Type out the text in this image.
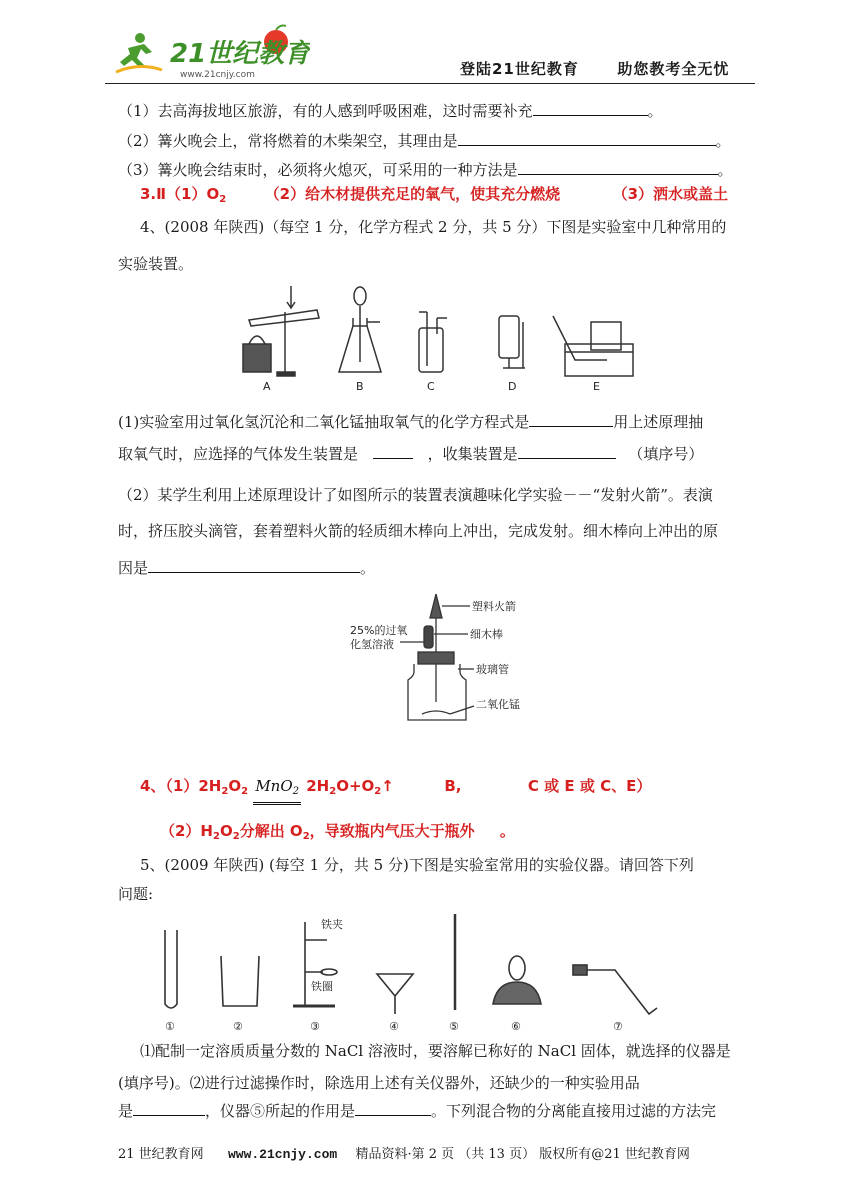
21世纪教育
www.21cnjy.com	登陆21世纪教育	助您教考全无忧
（1）去高海拔地区旅游，有的人感到呼吸困难，这时需要补充	。
（2）篝火晚会上，常将燃着的木柴架空，其理由是	。
（3）篝火晚会结束时，必须将火熄灭，可采用的一种方法是	。
$3.Ⅱ(1)O_2$	（2）给木材提供充足的氧气，使其充分燃烧	（3）洒水或盖土
4、(2008 年陕西)（每空 1 分，化学方程式 2 分，共 5 分）下图是实验室中几种常用的
实验装置。
A	B	C	D	E
(1)实验室用过氧化氢沉沦和二氧化锰抽取氧气的化学方程式是	用上述原理抽
取氧气时，应选择的气体发生装置是	，收集装置是	（填序号）
（2）某学生利用上述原理设计了如图所示的装置表演趣味化学实验－－“发射火箭”。表演
时，挤压胶头滴管，套着塑料火箭的轻质细木棒向上冲出，完成发射。细木棒向上冲出的原
因是	。
塑料火箭
25%的过氧
化氢溶液
细木棒
玻璃管
二氧化锰
4、$(1)2H_2O_2$ MnO$_2$ $2H_2O+O_2↑$	B,	C 或 E 或 C、E）
$(2)H_2O_2$分解出 $O_2$，导致瓶内气压大于瓶外 。
5、(2009 年陕西) (每空 1 分，共 5 分)下图是实验室常用的实验仪器。请回答下列
问题:
铁夹
铁圈
①	②	③	④	⑤	⑥	⑦
⑴配制一定溶质质量分数的 NaCl 溶液时，要溶解已称好的 NaCl 固体，就选择的仪器是
(填序号)。⑵进行过滤操作时，除选用上述有关仪器外，还缺少的一种实验用品
是	，仪器⑤所起的作用是	。下列混合物的分离能直接用过滤的方法完
21 世纪教育网 www.21cnjy.com 精品资料·第 2 页 （共 13 页） 版权所有@21 世纪教育网
